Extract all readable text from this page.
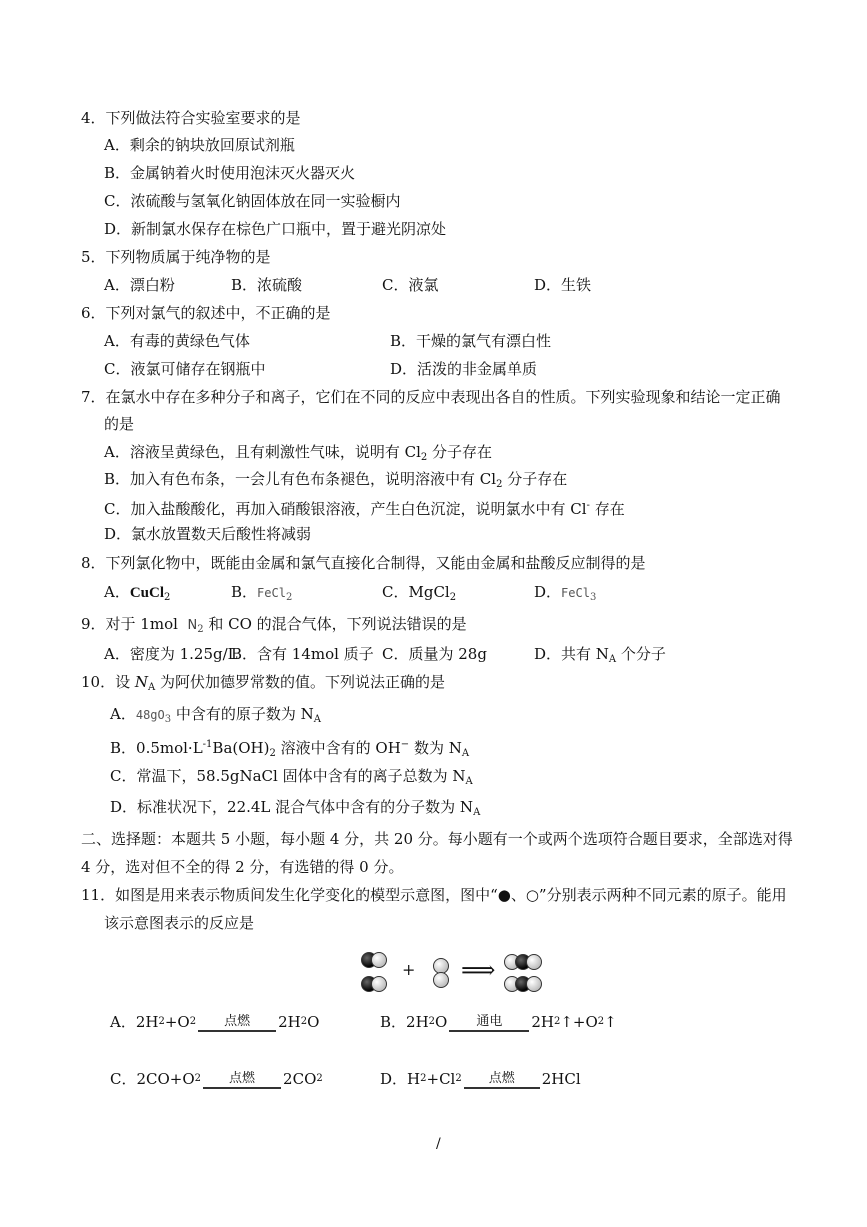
4．下列做法符合实验室要求的是
A．剩余的钠块放回原试剂瓶
B．金属钠着火时使用泡沫灭火器灭火
C．浓硫酸与氢氧化钠固体放在同一实验橱内
D．新制氯水保存在棕色广口瓶中，置于避光阴凉处
5．下列物质属于纯净物的是
A．漂白粉	B．浓硫酸	C．液氯	D．生铁
6．下列对氯气的叙述中，不正确的是
A．有毒的黄绿色气体	B．干燥的氯气有漂白性
C．液氯可储存在钢瓶中	D．活泼的非金属单质
7．在氯水中存在多种分子和离子，它们在不同的反应中表现出各自的性质。下列实验现象和结论一定正确
的是
A．溶液呈黄绿色，且有刺激性气味，说明有 $Cl_2$ 分子存在
B．加入有色布条，一会儿有色布条褪色，说明溶液中有 $Cl_2$ 分子存在
C．加入盐酸酸化，再加入硝酸银溶液，产生白色沉淀，说明氯水中有 Cl- 存在
D．氯水放置数天后酸性将减弱
8．下列氯化物中，既能由金属和氯气直接化合制得，又能由金属和盐酸反应制得的是
A．CuCl$_2$	B．FeCl$_2$	C．MgCl$_2$	D．FeCl$_3$
9．对于 1mol $N_2$ 和 CO 的混合气体，下列说法错误的是
A．密度为 1.25g/L
B．含有 14mol 质子 C．质量为 28g	D．共有 $N_A$ 个分子
10．设 $N_A$ 为阿伏加德罗常数的值。下列说法正确的是
A．$48gO_3$ 中含有的原子数为 $N_A$
B．$0.5mol\cdot L^{-1}Ba(OH)_2$ 溶液中含有的 OH− 数为 $N_A$
C．常温下，58.5gNaCl 固体中含有的离子总数为 $N_A$
D．标准状况下，22.4L 混合气体中含有的分子数为 $N_A$
二、选择题：本题共 5 小题，每小题 4 分，共 20 分。每小题有一个或两个选项符合题目要求，全部选对得
4 分，选对但不全的得 2 分，有选错的得 0 分。
11．如图是用来表示物质间发生化学变化的模型示意图，图中“●、○”分别表示两种不同元素的原子。能用
该示意图表示的反应是
+ ⟹
A． 2H 2 +O 2 点燃 2H 2 O	B． 2H 2 O 通电 2H 2 ↑+O 2 ↑
C． 2CO+O 2 点燃 2CO 2	D． H 2 +Cl 2 点燃 2HCl
/
